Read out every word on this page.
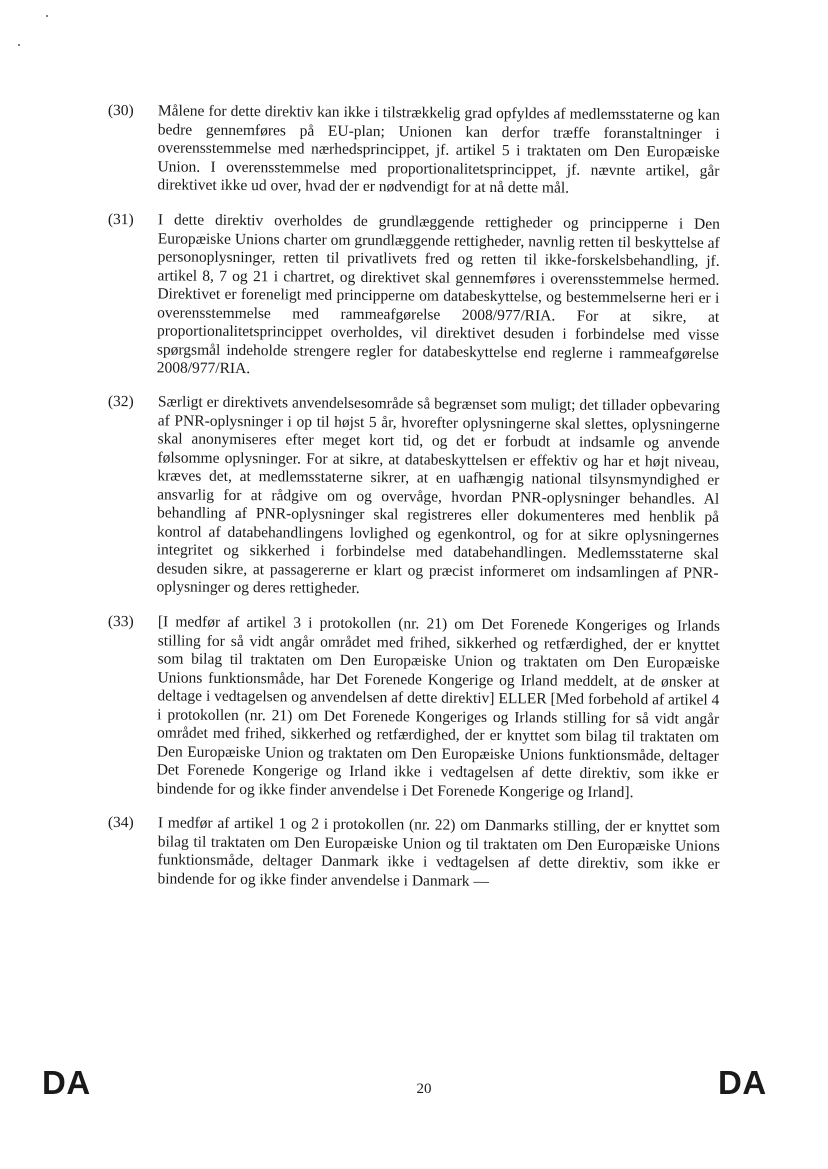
(30)	Målene for dette direktiv kan ikke i tilstrækkelig grad opfyldes af medlemsstaterne og kan bedre gennemføres på EU-plan; Unionen kan derfor træffe foranstaltninger i overensstemmelse med nærhedsprincippet, jf. artikel 5 i traktaten om Den Europæiske Union. I overensstemmelse med proportionalitetsprincippet, jf. nævnte artikel, går direktivet ikke ud over, hvad der er nødvendigt for at nå dette mål.
(31)	I dette direktiv overholdes de grundlæggende rettigheder og principperne i Den Europæiske Unions charter om grundlæggende rettigheder, navnlig retten til beskyttelse af personoplysninger, retten til privatlivets fred og retten til ikke-forskelsbehandling, jf. artikel 8, 7 og 21 i chartret, og direktivet skal gennemføres i overensstemmelse hermed. Direktivet er foreneligt med principperne om databeskyttelse, og bestemmelserne heri er i overensstemmelse med rammeafgørelse 2008/977/RIA. For at sikre, at proportionalitetsprincippet overholdes, vil direktivet desuden i forbindelse med visse spørgsmål indeholde strengere regler for databeskyttelse end reglerne i rammeafgørelse 2008/977/RIA.
(32)	Særligt er direktivets anvendelsesområde så begrænset som muligt; det tillader opbevaring af PNR-oplysninger i op til højst 5 år, hvorefter oplysningerne skal slettes, oplysningerne skal anonymiseres efter meget kort tid, og det er forbudt at indsamle og anvende følsomme oplysninger. For at sikre, at databeskyttelsen er effektiv og har et højt niveau, kræves det, at medlemsstaterne sikrer, at en uafhængig national tilsynsmyndighed er ansvarlig for at rådgive om og overvåge, hvordan PNR-oplysninger behandles. Al behandling af PNR-oplysninger skal registreres eller dokumenteres med henblik på kontrol af databehandlingens lovlighed og egenkontrol, og for at sikre oplysningernes integritet og sikkerhed i forbindelse med databehandlingen. Medlemsstaterne skal desuden sikre, at passagererne er klart og præcist informeret om indsamlingen af PNR-oplysninger og deres rettigheder.
(33)	[I medfør af artikel 3 i protokollen (nr. 21) om Det Forenede Kongeriges og Irlands stilling for så vidt angår området med frihed, sikkerhed og retfærdighed, der er knyttet som bilag til traktaten om Den Europæiske Union og traktaten om Den Europæiske Unions funktionsmåde, har Det Forenede Kongerige og Irland meddelt, at de ønsker at deltage i vedtagelsen og anvendelsen af dette direktiv] ELLER [Med forbehold af artikel 4 i protokollen (nr. 21) om Det Forenede Kongeriges og Irlands stilling for så vidt angår området med frihed, sikkerhed og retfærdighed, der er knyttet som bilag til traktaten om Den Europæiske Union og traktaten om Den Europæiske Unions funktionsmåde, deltager Det Forenede Kongerige og Irland ikke i vedtagelsen af dette direktiv, som ikke er bindende for og ikke finder anvendelse i Det Forenede Kongerige og Irland].
(34)	I medfør af artikel 1 og 2 i protokollen (nr. 22) om Danmarks stilling, der er knyttet som bilag til traktaten om Den Europæiske Union og til traktaten om Den Europæiske Unions funktionsmåde, deltager Danmark ikke i vedtagelsen af dette direktiv, som ikke er bindende for og ikke finder anvendelse i Danmark —
DA	20	DA
